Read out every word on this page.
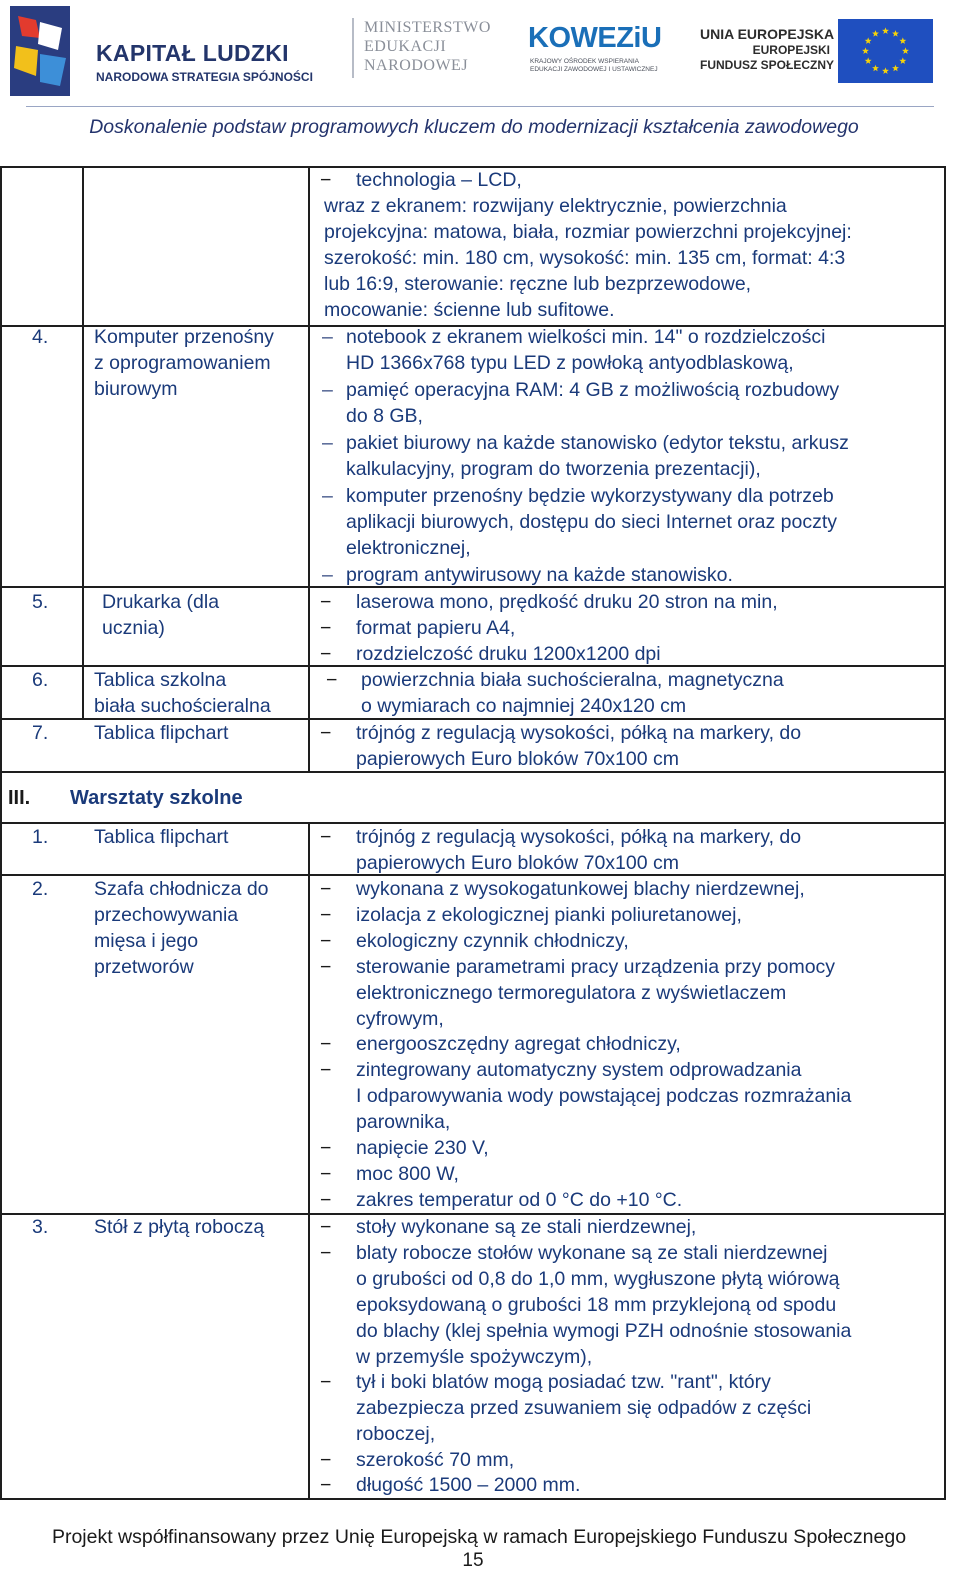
KAPITAŁ LUDZKI
NARODOWA STRATEGIA SPÓJNOŚCI
MINISTERSTWO
EDUKACJI
NARODOWEJ
KOWEZiU
KRAJOWY OŚRODEK WSPIERANIA
EDUKACJI ZAWODOWEJ I USTAWICZNEJ
UNIA EUROPEJSKA
EUROPEJSKI
FUNDUSZ SPOŁECZNY
Doskonalenie podstaw programowych kluczem do modernizacji kształcenia zawodowego
− technologia – LCD,
wraz z ekranem: rozwijany elektrycznie, powierzchnia
projekcyjna: matowa, biała, rozmiar powierzchni projekcyjnej:
szerokość: min. 180 cm, wysokość: min. 135 cm, format: 4:3
lub 16:9, sterowanie: ręczne lub bezprzewodowe,
mocowanie: ścienne lub sufitowe.
4. Komputer przenośny
z oprogramowaniem
biurowym
– notebook z ekranem wielkości min. 14" o rozdzielczości
HD 1366x768 typu LED z powłoką antyodblaskową,
– pamięć operacyjna RAM: 4 GB z możliwością rozbudowy
do 8 GB,
– pakiet biurowy na każde stanowisko (edytor tekstu, arkusz
kalkulacyjny, program do tworzenia prezentacji),
– komputer przenośny będzie wykorzystywany dla potrzeb
aplikacji biurowych, dostępu do sieci Internet oraz poczty
elektronicznej,
– program antywirusowy na każde stanowisko.
5.	Drukarka (dla
ucznia)
− laserowa mono, prędkość druku 20 stron na min,
− format papieru A4,
− rozdzielczość druku 1200x1200 dpi
6. Tablica szkolna
biała suchościeralna
− powierzchnia biała suchościeralna, magnetyczna
o wymiarach co najmniej 240x120 cm
7. Tablica flipchart	− trójnóg z regulacją wysokości, półką na markery, do
papierowych Euro bloków 70x100 cm
III. Warsztaty szkolne
1. Tablica flipchart	− trójnóg z regulacją wysokości, półką na markery, do
papierowych Euro bloków 70x100 cm
2. Szafa chłodnicza do
przechowywania
mięsa i jego
przetworów
− wykonana z wysokogatunkowej blachy nierdzewnej,
− izolacja z ekologicznej pianki poliuretanowej,
− ekologiczny czynnik chłodniczy,
− sterowanie parametrami pracy urządzenia przy pomocy
elektronicznego termoregulatora z wyświetlaczem
cyfrowym,
− energooszczędny agregat chłodniczy,
− zintegrowany automatyczny system odprowadzania
I odparowywania wody powstającej podczas rozmrażania
parownika,
− napięcie 230 V,
− moc 800 W,
− zakres temperatur od 0 °C do +10 °C.
3. Stół z płytą roboczą	− stoły wykonane są ze stali nierdzewnej,
− blaty robocze stołów wykonane są ze stali nierdzewnej
o grubości od 0,8 do 1,0 mm, wygłuszone płytą wiórową
epoksydowaną o grubości 18 mm przyklejoną od spodu
do blachy (klej spełnia wymogi PZH odnośnie stosowania
w przemyśle spożywczym),
− tył i boki blatów mogą posiadać tzw. "rant", który
zabezpiecza przed zsuwaniem się odpadów z części
roboczej,
− szerokość 70 mm,
− długość 1500 – 2000 mm.
Projekt współfinansowany przez Unię Europejską w ramach Europejskiego Funduszu Społecznego
15
